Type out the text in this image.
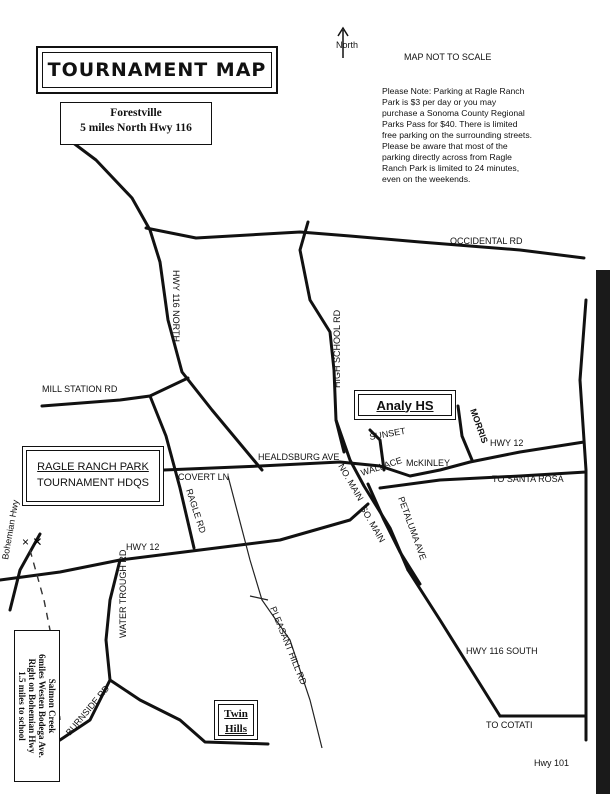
North
× ✕
OCCIDENTAL RD
HWY 116 NORTH
HIGH SCHOOL RD
MILL STATION RD
HEALDSBURG AVE
SUNSET	MORRIS HWY 12
WALLACE McKINLEY
TO SANTA ROSA
COVERT LN
RAGLE RD
NO. MAIN
SO. MAIN PETALUMA AVE
HWY 12
Bohemian Hwy
WATER TROUGH RD
PLEASANT HILL RD	HWY 116 SOUTH
BURNSIDE RD	TO COTATI
Hwy 101
TOURNAMENT MAP
MAP NOT TO SCALE
Please Note: Parking at Ragle Ranch Park is $3 per day or you may purchase a Sonoma County Regional Parks Pass for $40. There is limited free parking on the surrounding streets. Please be aware that most of the parking directly across from Ragle Ranch Park is limited to 24 minutes, even on the weekends.
Forestville
5 miles North Hwy 116
Analy HS
RAGLE RANCH PARK
TOURNAMENT HDQS
Twin
Hills
Salmon Creek
6miles Westen Bodega Ave.
Right on Bohemian Hwy
1.5 miles to school
